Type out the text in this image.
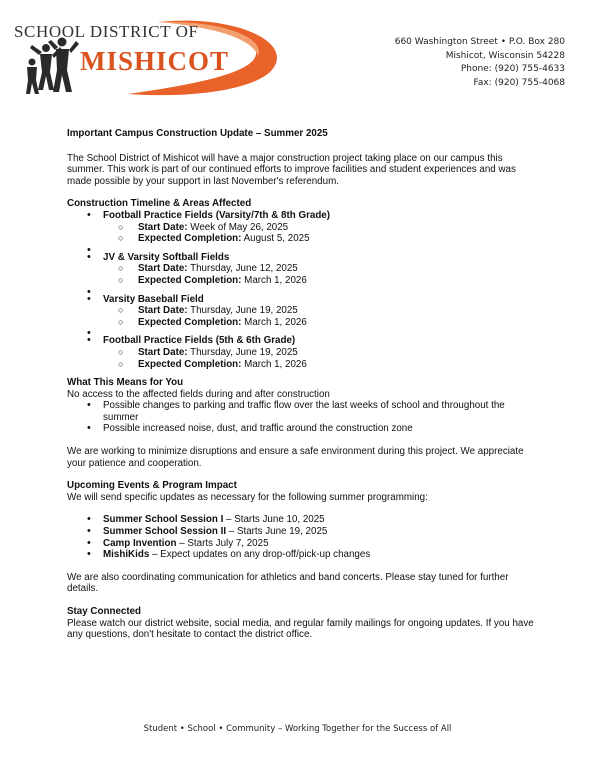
SCHOOL DISTRICT OF
MISHICOT
660 Washington Street • P.O. Box 280
Mishicot, Wisconsin 54228
Phone: (920) 755-4633
Fax: (920) 755-4068

Important Campus Construction Update – Summer 2025

The School District of Mishicot will have a major construction project taking place on our campus this summer. This work is part of our continued efforts to improve facilities and student experiences and was made possible by your support in last November's referendum.

Construction Timeline & Areas Affected

• Football Practice Fields (Varsity/7th & 8th Grade)
○ Start Date: Week of May 26, 2025
○ Expected Completion: August 5, 2025
•
• JV & Varsity Softball Fields
○ Start Date: Thursday, June 12, 2025
○ Expected Completion: March 1, 2026
•
• Varsity Baseball Field
○ Start Date: Thursday, June 19, 2025
○ Expected Completion: March 1, 2026
•
• Football Practice Fields (5th & 6th Grade)
○ Start Date: Thursday, June 19, 2025
○ Expected Completion: March 1, 2026

What This Means for You

No access to the affected fields during and after construction

• Possible changes to parking and traffic flow over the last weeks of school and throughout the summer
• Possible increased noise, dust, and traffic around the construction zone

We are working to minimize disruptions and ensure a safe environment during this project. We appreciate your patience and cooperation.

Upcoming Events & Program Impact

We will send specific updates as necessary for the following summer programming:

• Summer School Session I – Starts June 10, 2025
• Summer School Session II – Starts June 19, 2025
• Camp Invention – Starts July 7, 2025
• MishiKids – Expect updates on any drop-off/pick-up changes

We are also coordinating communication for athletics and band concerts. Please stay tuned for further details.

Stay Connected

Please watch our district website, social media, and regular family mailings for ongoing updates. If you have any questions, don't hesitate to contact the district office.

Student • School • Community – Working Together for the Success of All
